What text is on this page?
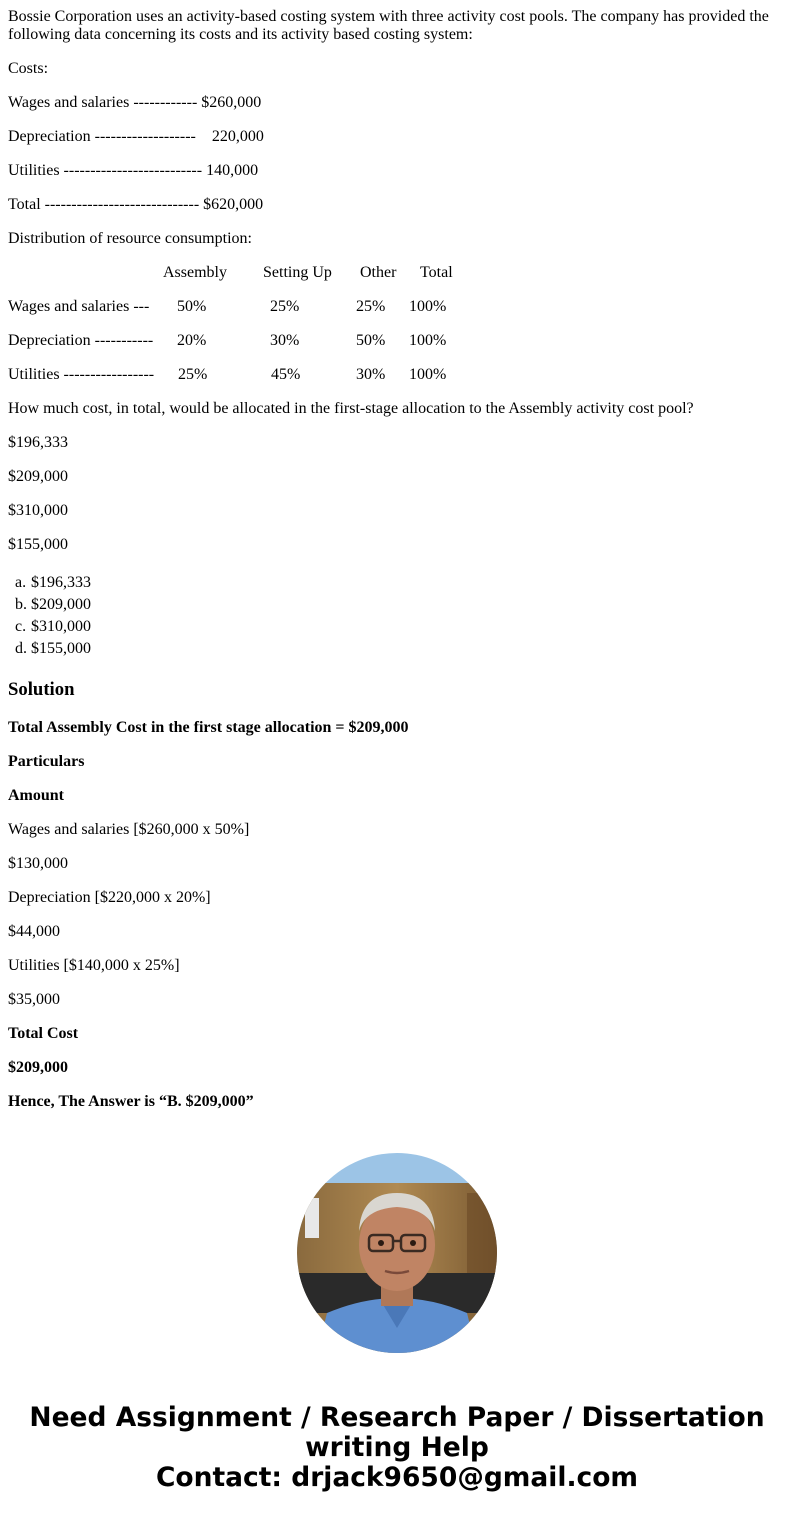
Bossie Corporation uses an activity-based costing system with three activity cost pools. The company has provided the following data concerning its costs and its activity based costing system:
Costs:
Wages and salaries ------------ $260,000
Depreciation -------------------    220,000
Utilities -------------------------- 140,000
Total ----------------------------- $620,000
Distribution of resource consumption:
Assembly Setting Up Other Total
Wages and salaries --- 50%	25%	25% 100%
Depreciation ----------- 20%	30%	50% 100%
Utilities ----------------- 25%	45%	30% 100%
How much cost, in total, would be allocated in the first-stage allocation to the Assembly activity cost pool?
$196,333
$209,000
$310,000
$155,000
a. $196,333
b. $209,000
c. $310,000
d. $155,000
Solution
Total Assembly Cost in the first stage allocation = $209,000
Particulars
Amount
Wages and salaries [$260,000 x 50%]
$130,000
Depreciation [$220,000 x 20%]
$44,000
Utilities [$140,000 x 25%]
$35,000
Total Cost
$209,000
Hence, The Answer is “B. $209,000”
Need Assignment / Research Paper / Dissertation
writing Help
Contact: drjack9650@gmail.com
